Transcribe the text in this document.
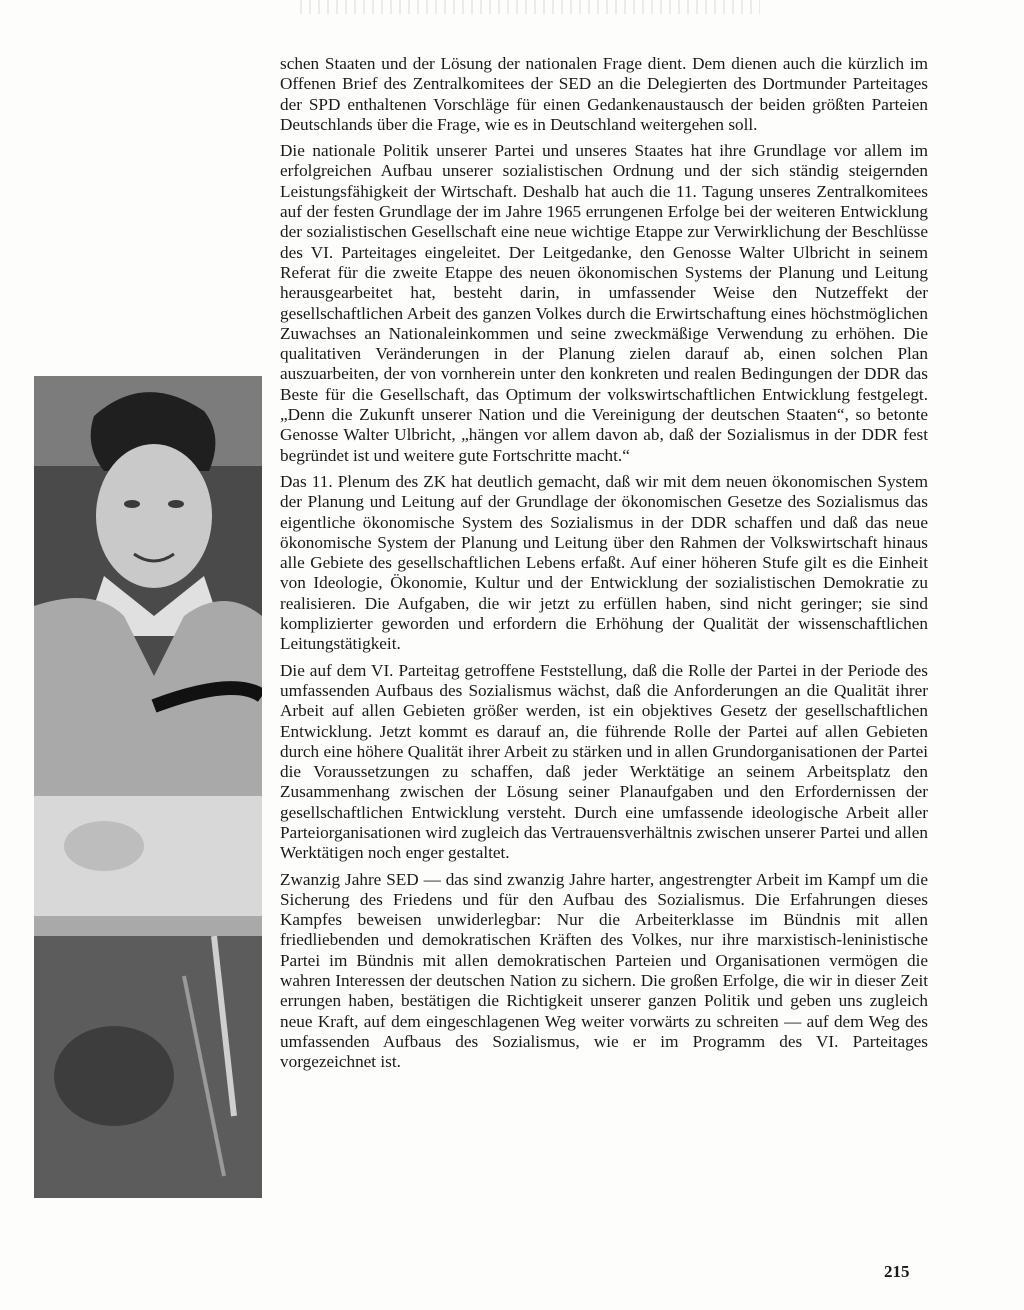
schen Staaten und der Lösung der nationalen Frage dient. Dem dienen auch die kürzlich im Offenen Brief des Zentralkomitees der SED an die Delegierten des Dortmunder Parteitages der SPD enthaltenen Vorschläge für einen Gedankenaustausch der beiden größten Parteien Deutschlands über die Frage, wie es in Deutschland weitergehen soll.

Die nationale Politik unserer Partei und unseres Staates hat ihre Grundlage vor allem im erfolgreichen Aufbau unserer sozialistischen Ordnung und der sich ständig steigernden Leistungsfähigkeit der Wirtschaft. Deshalb hat auch die 11. Tagung unseres Zentralkomitees auf der festen Grundlage der im Jahre 1965 errungenen Erfolge bei der weiteren Entwicklung der sozialistischen Gesellschaft eine neue wichtige Etappe zur Verwirklichung der Beschlüsse des VI. Parteitages eingeleitet. Der Leitgedanke, den Genosse Walter Ulbricht in seinem Referat für die zweite Etappe des neuen ökonomischen Systems der Planung und Leitung herausgearbeitet hat, besteht darin, in umfassender Weise den Nutzeffekt der gesellschaftlichen Arbeit des ganzen Volkes durch die Erwirtschaftung eines höchstmöglichen Zuwachses an Nationaleinkommen und seine zweckmäßige Verwendung zu erhöhen. Die qualitativen Veränderungen in der Planung zielen darauf ab, einen solchen Plan auszuarbeiten, der von vornherein unter den konkreten und realen Bedingungen der DDR das Beste für die Gesellschaft, das Optimum der volkswirtschaftlichen Entwicklung festgelegt. „Denn die Zukunft unserer Nation und die Vereinigung der deutschen Staaten“, so betonte Genosse Walter Ulbricht, „hängen vor allem davon ab, daß der Sozialismus in der DDR fest begründet ist und weitere gute Fortschritte macht.“

Das 11. Plenum des ZK hat deutlich gemacht, daß wir mit dem neuen ökonomischen System der Planung und Leitung auf der Grundlage der ökonomischen Gesetze des Sozialismus das eigentliche ökonomische System des Sozialismus in der DDR schaffen und daß das neue ökonomische System der Planung und Leitung über den Rahmen der Volkswirtschaft hinaus alle Gebiete des gesellschaftlichen Lebens erfaßt. Auf einer höheren Stufe gilt es die Einheit von Ideologie, Ökonomie, Kultur und der Entwicklung der sozialistischen Demokratie zu realisieren. Die Aufgaben, die wir jetzt zu erfüllen haben, sind nicht geringer; sie sind komplizierter geworden und erfordern die Erhöhung der Qualität der wissenschaftlichen Leitungstätigkeit.

Die auf dem VI. Parteitag getroffene Feststellung, daß die Rolle der Partei in der Periode des umfassenden Aufbaus des Sozialismus wächst, daß die Anforderungen an die Qualität ihrer Arbeit auf allen Gebieten größer werden, ist ein objektives Gesetz der gesellschaftlichen Entwicklung. Jetzt kommt es darauf an, die führende Rolle der Partei auf allen Gebieten durch eine höhere Qualität ihrer Arbeit zu stärken und in allen Grundorganisationen der Partei die Voraussetzungen zu schaffen, daß jeder Werktätige an seinem Arbeitsplatz den Zusammenhang zwischen der Lösung seiner Planaufgaben und den Erfordernissen der gesellschaftlichen Entwicklung versteht. Durch eine umfassende ideologische Arbeit aller Parteiorganisationen wird zugleich das Vertrauensverhältnis zwischen unserer Partei und allen Werktätigen noch enger gestaltet.

Zwanzig Jahre SED — das sind zwanzig Jahre harter, angestrengter Arbeit im Kampf um die Sicherung des Friedens und für den Aufbau des Sozialismus. Die Erfahrungen dieses Kampfes beweisen unwiderlegbar: Nur die Arbeiterklasse im Bündnis mit allen friedliebenden und demokratischen Kräften des Volkes, nur ihre marxistisch-leninistische Partei im Bündnis mit allen demokratischen Parteien und Organisationen vermögen die wahren Interessen der deutschen Nation zu sichern. Die großen Erfolge, die wir in dieser Zeit errungen haben, bestätigen die Richtigkeit unserer ganzen Politik und geben uns zugleich neue Kraft, auf dem eingeschlagenen Weg weiter vorwärts zu schreiten — auf dem Weg des umfassenden Aufbaus des Sozialismus, wie er im Programm des VI. Parteitages vorgezeichnet ist.

215
